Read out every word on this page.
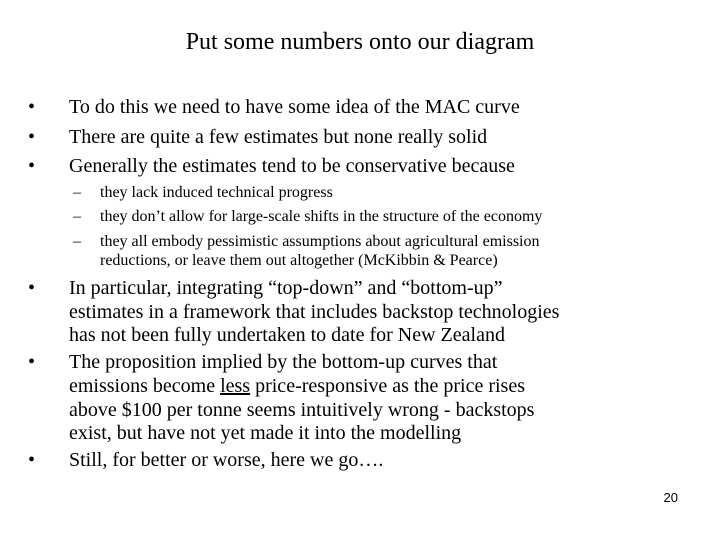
Put some numbers onto our diagram
• To do this we need to have some idea of the MAC curve
• There are quite a few estimates but none really solid
• Generally the estimates tend to be conservative because
– they lack induced technical progress
– they don’t allow for large-scale shifts in the structure of the economy
– they all embody pessimistic assumptions about agricultural emission
reductions, or leave them out altogether (McKibbin & Pearce)
• In particular, integrating “top-down” and “bottom-up”
estimates in a framework that includes backstop technologies
has not been fully undertaken to date for New Zealand
• The proposition implied by the bottom-up curves that
emissions become less price-responsive as the price rises
above $100 per tonne seems intuitively wrong - backstops
exist, but have not yet made it into the modelling
• Still, for better or worse, here we go….
20
